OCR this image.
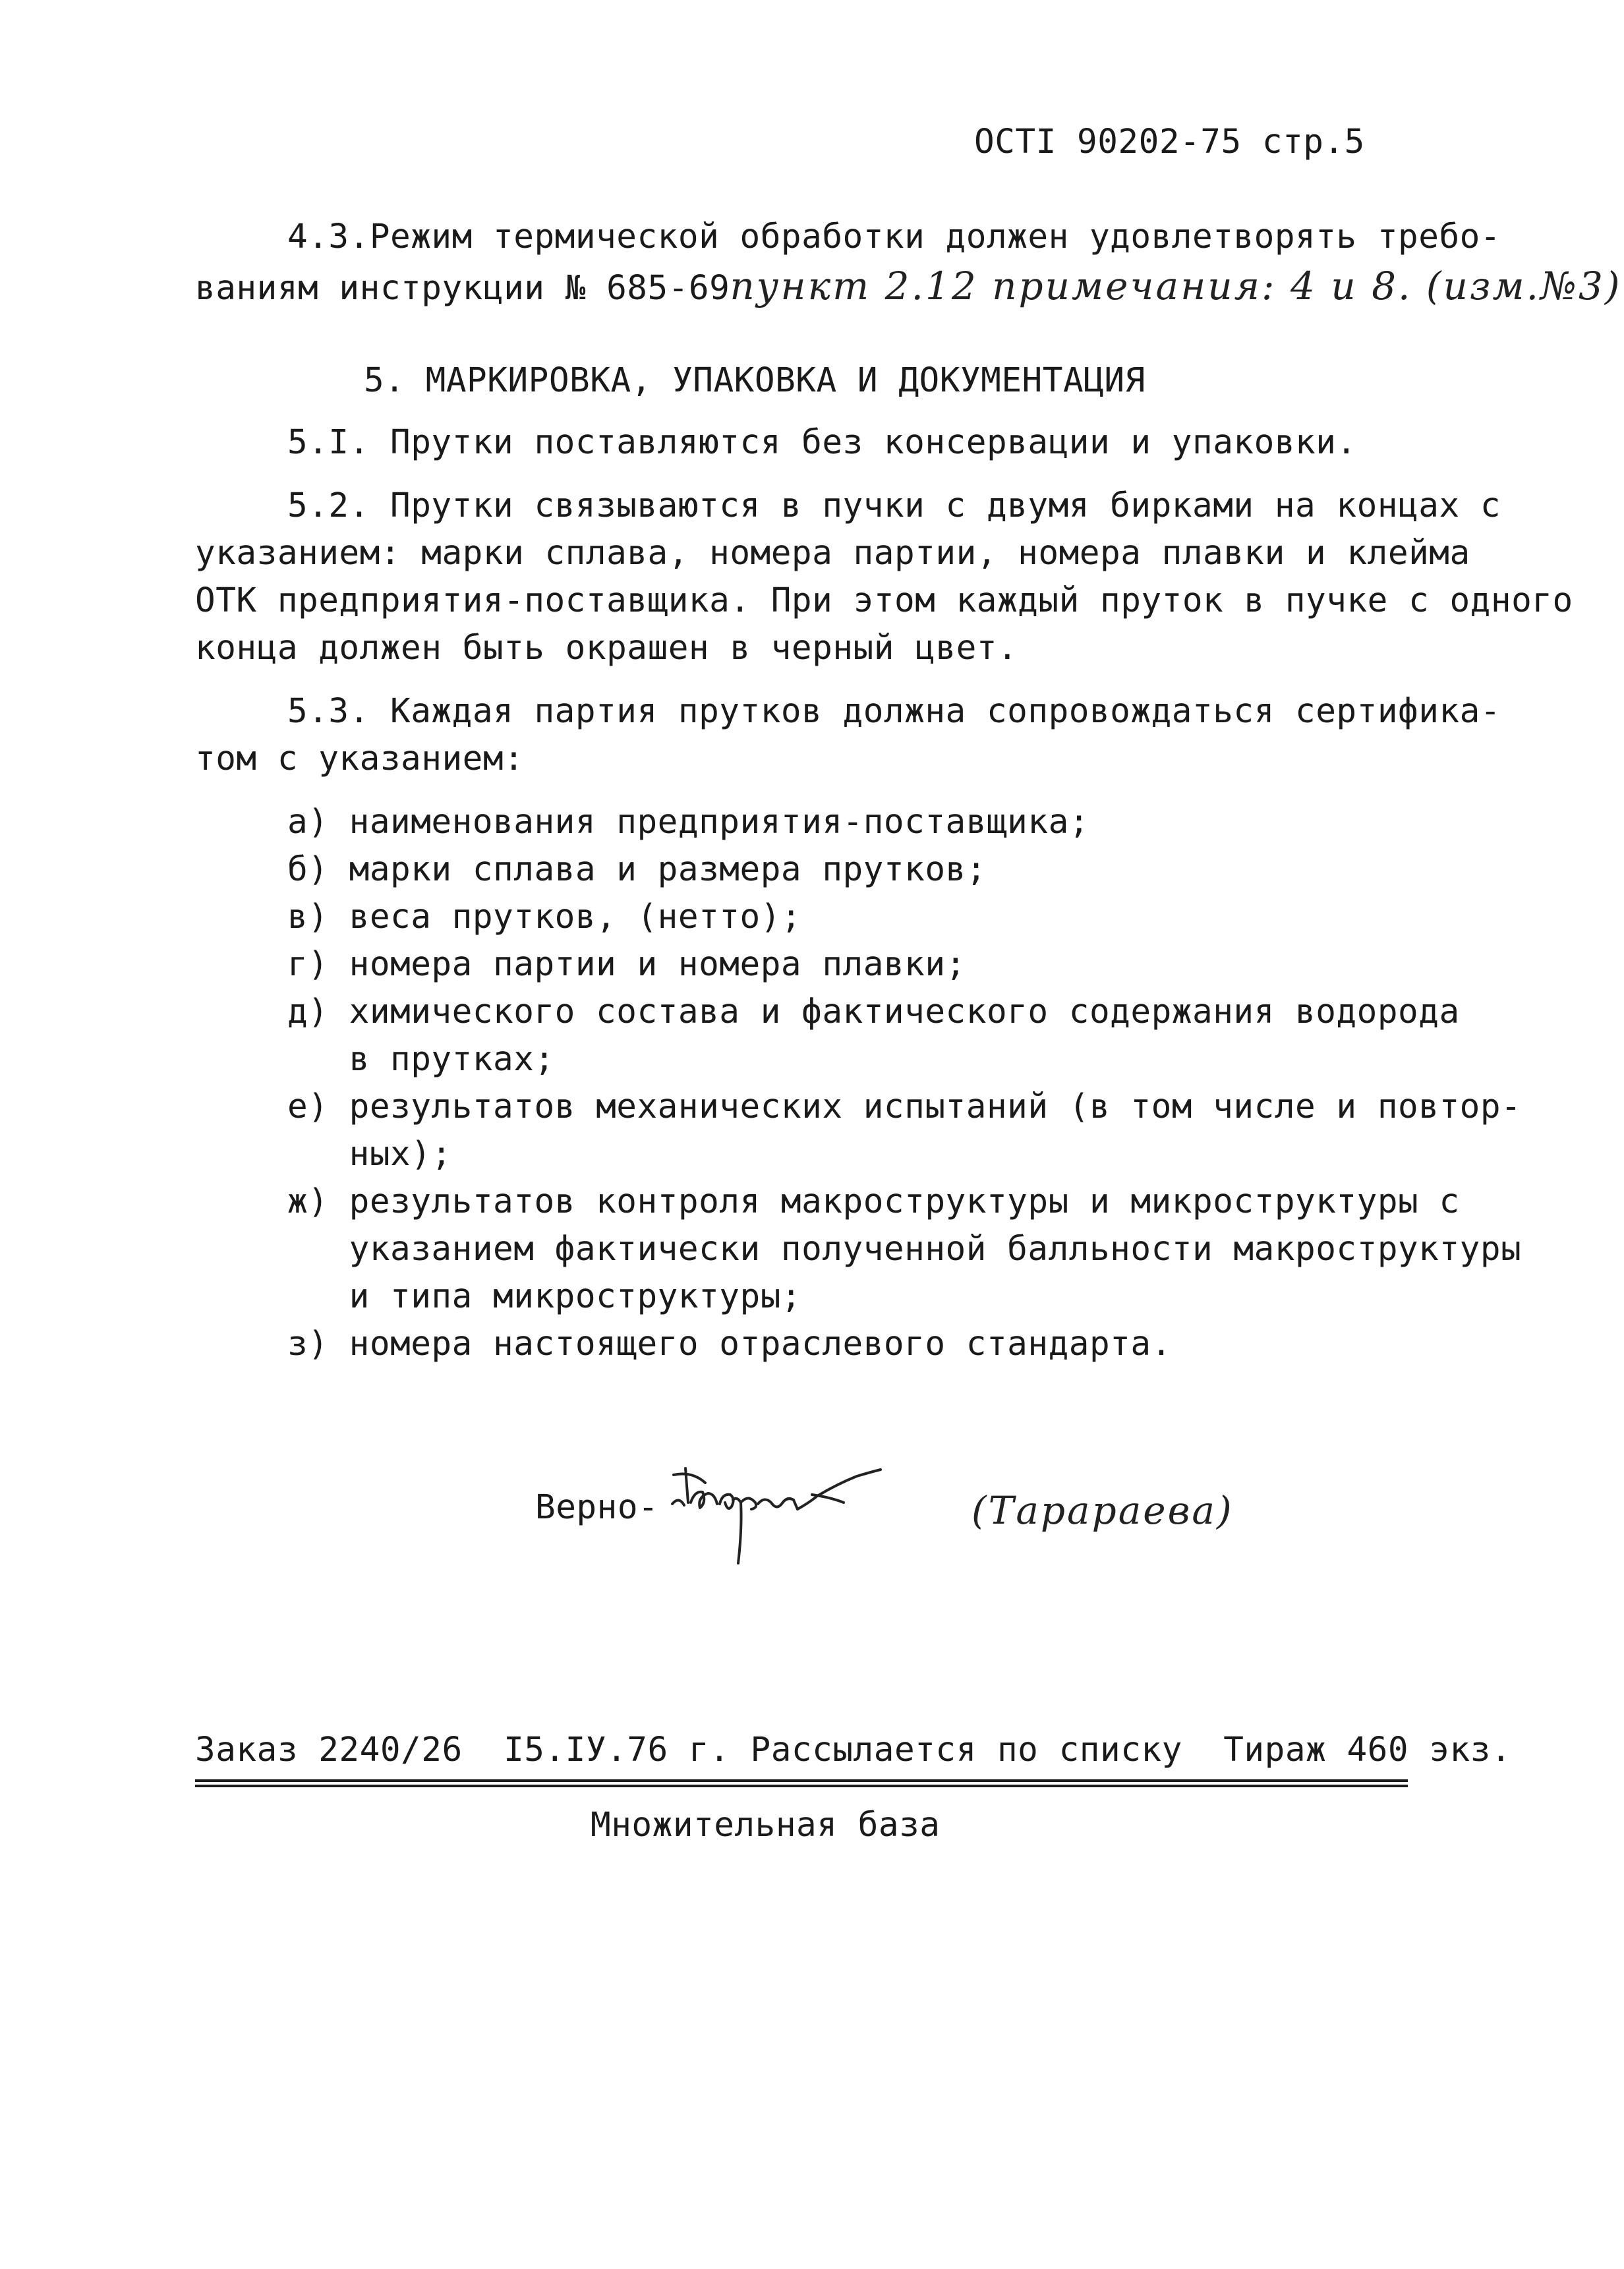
ОСТI 90202-75 стр.5
4.3.Режим термической обработки должен удовлетворять требо-
ваниям инструкции № 685-69пункт 2.12 примечания: 4 и 8. (изм.№3)
5. МАРКИРОВКА, УПАКОВКА И ДОКУМЕНТАЦИЯ
5.I. Прутки поставляются без консервации и упаковки.
5.2. Прутки связываются в пучки с двумя бирками на концах с
указанием: марки сплава, номера партии, номера плавки и клейма
ОТК предприятия-поставщика. При этом каждый пруток в пучке с одного
конца должен быть окрашен в черный цвет.
5.3. Каждая партия прутков должна сопровождаться сертифика-
том с указанием:
а) наименования предприятия-поставщика;
б) марки сплава и размера прутков;
в) веса прутков, (нетто);
г) номера партии и номера плавки;
д) химического состава и фактического содержания водорода
в прутках;
е) результатов механических испытаний (в том числе и повтор-
ных);
ж) результатов контроля макроструктуры и микроструктуры с
указанием фактически полученной балльности макроструктуры
и типа микроструктуры;
з) номера настоящего отраслевого стандарта.
Верно-	(Тарараева)
Заказ 2240/26  I5.IУ.76 г. Рассылается по списку  Тираж 460 экз.
Множительная база
